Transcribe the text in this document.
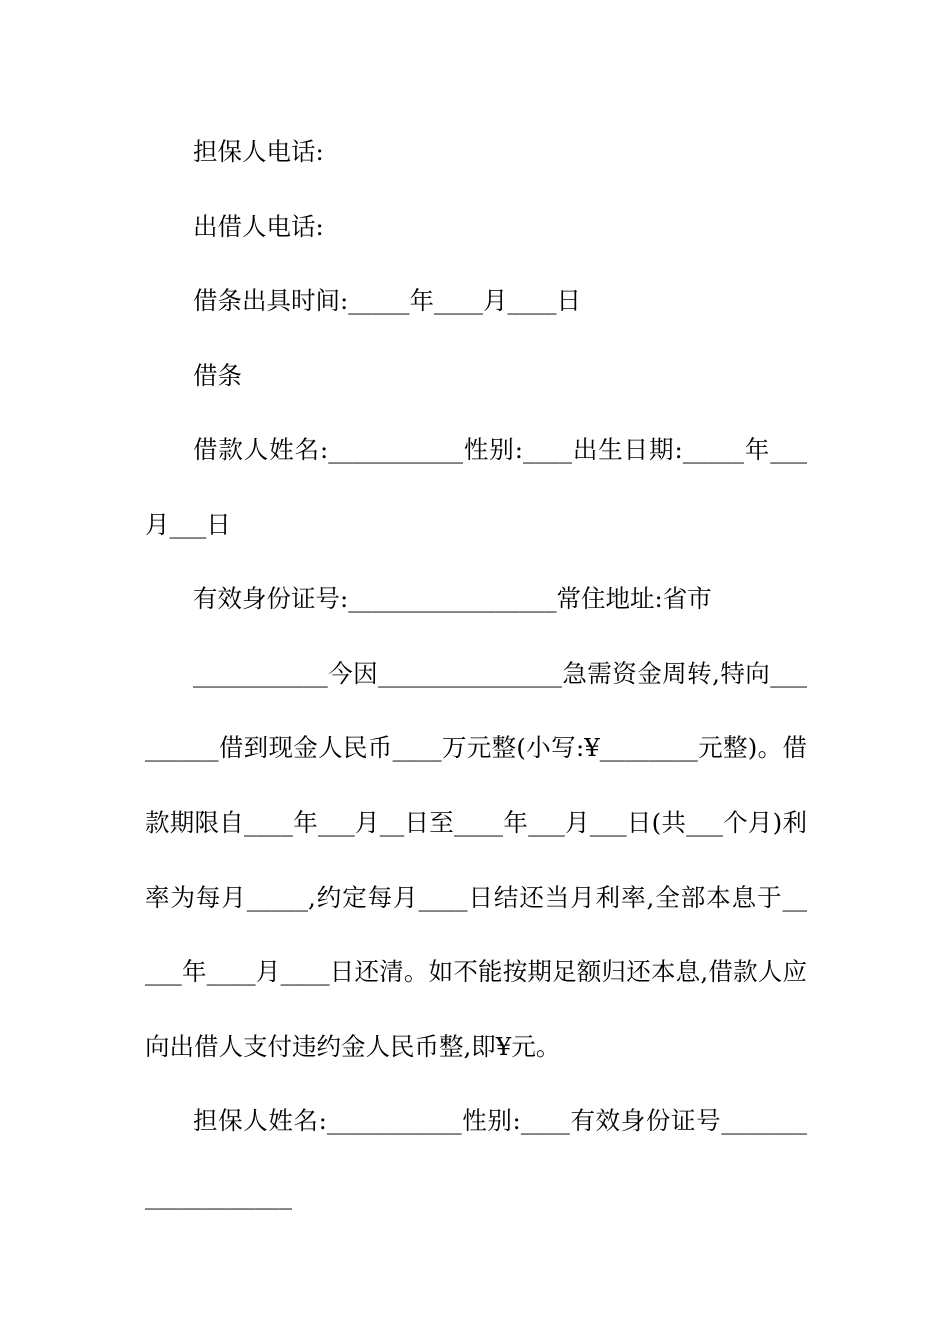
担保人电话:
出借人电话:
借条出具时间:_____年____月____日
借条
借款人姓名:___________性别:____出生日期:_____年___
月___日
有效身份证号:_________________常住地址:省市
___________今因_______________急需资金周转,特向___
______借到现金人民币____万元整(小写:¥________元整)。借
款期限自____年___月__日至____年___月___日(共___个月)利
率为每月_____,约定每月____日结还当月利率,全部本息于__
___年____月____日还清。如不能按期足额归还本息,借款人应
向出借人支付违约金人民币整,即¥元。
担保人姓名:___________性别:____有效身份证号_______
____________
